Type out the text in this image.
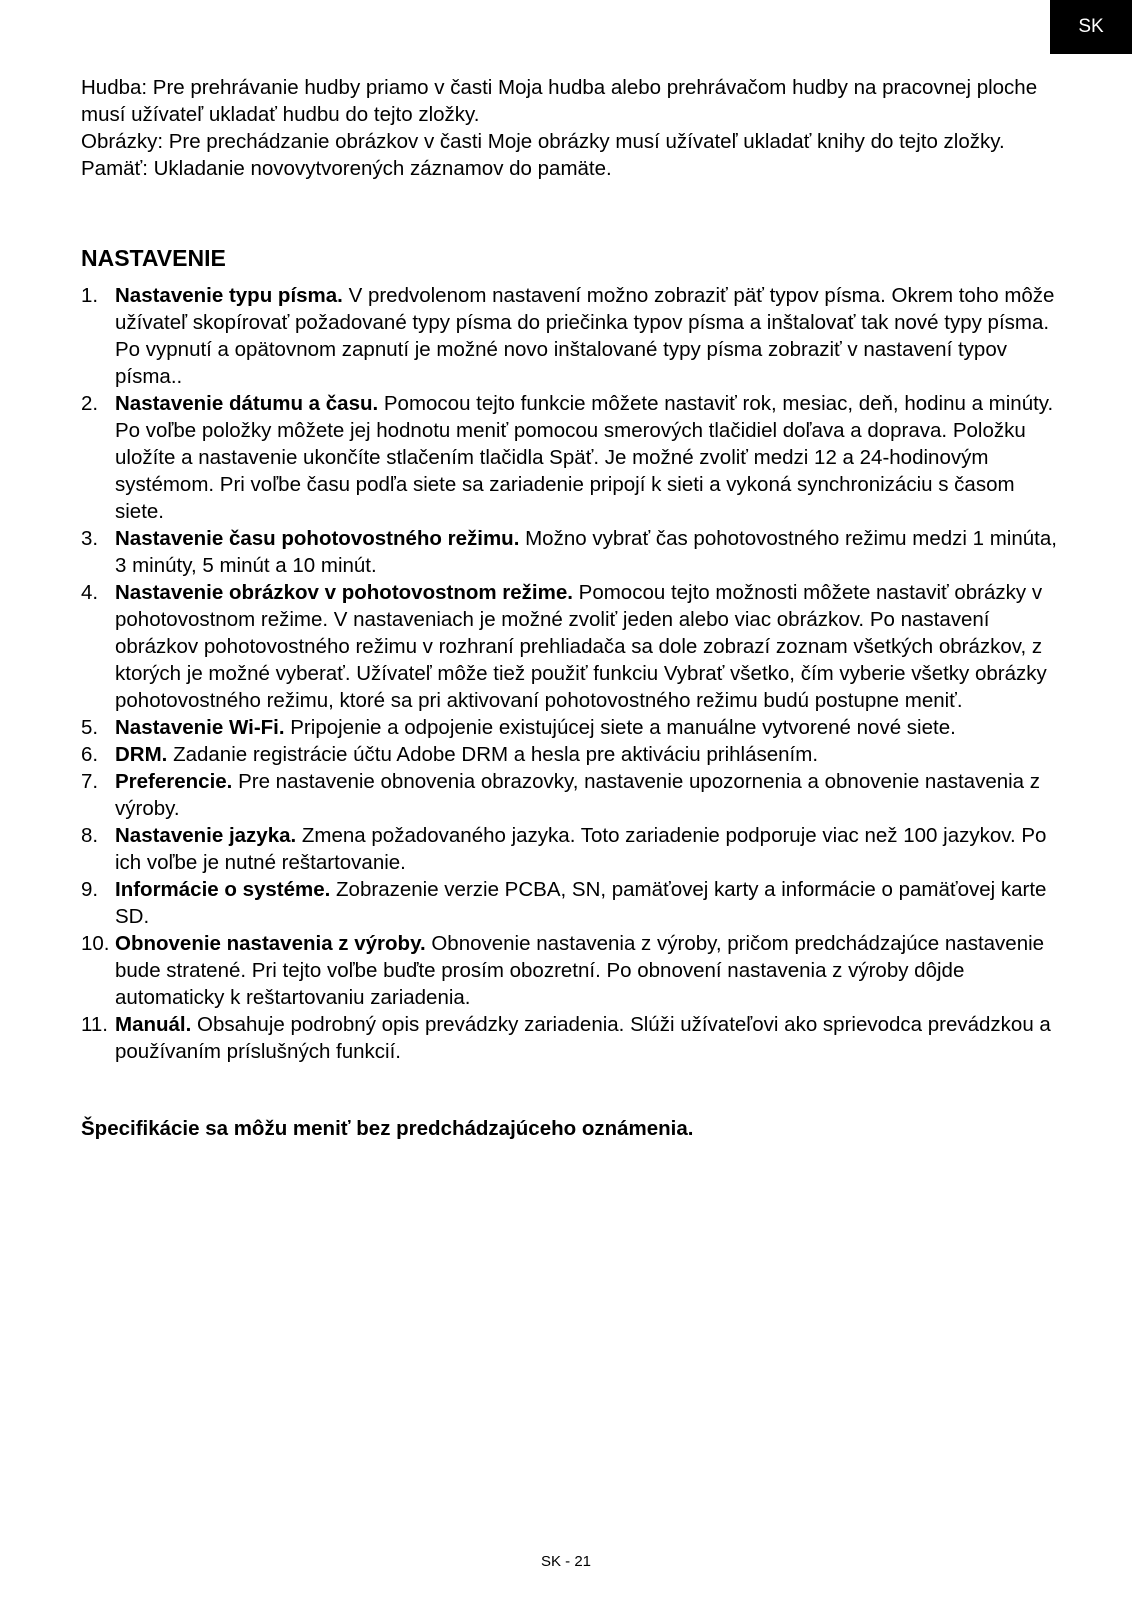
SK

Hudba: Pre prehrávanie hudby priamo v časti Moja hudba alebo prehrávačom hudby na pracovnej ploche musí užívateľ ukladať hudbu do tejto zložky.

Obrázky: Pre prechádzanie obrázkov v časti Moje obrázky musí užívateľ ukladať knihy do tejto zložky.

Pamäť: Ukladanie novovytvorených záznamov do pamäte.

NASTAVENIE
1. Nastavenie typu písma. V predvolenom nastavení možno zobraziť päť typov písma. Okrem toho môže užívateľ skopírovať požadované typy písma do priečinka typov písma a inštalovať tak nové typy písma. Po vypnutí a opätovnom zapnutí je možné novo inštalované typy písma zobraziť v nastavení typov písma..
2. Nastavenie dátumu a času. Pomocou tejto funkcie môžete nastaviť rok, mesiac, deň, hodinu a minúty. Po voľbe položky môžete jej hodnotu meniť pomocou smerových tlačidiel doľava a doprava. Položku uložíte a nastavenie ukončíte stlačením tlačidla Späť. Je možné zvoliť medzi 12 a 24-hodinovým systémom. Pri voľbe času podľa siete sa zariadenie pripojí k sieti a vykoná synchronizáciu s časom siete.
3. Nastavenie času pohotovostného režimu. Možno vybrať čas pohotovostného režimu medzi 1 minúta, 3 minúty, 5 minút a 10 minút.
4. Nastavenie obrázkov v pohotovostnom režime. Pomocou tejto možnosti môžete nastaviť obrázky v pohotovostnom režime. V nastaveniach je možné zvoliť jeden alebo viac obrázkov. Po nastavení obrázkov pohotovostného režimu v rozhraní prehliadača sa dole zobrazí zoznam všetkých obrázkov, z ktorých je možné vyberať. Užívateľ môže tiež použiť funkciu Vybrať všetko, čím vyberie všetky obrázky pohotovostného režimu, ktoré sa pri aktivovaní pohotovostného režimu budú postupne meniť.
5. Nastavenie Wi-Fi. Pripojenie a odpojenie existujúcej siete a manuálne vytvorené nové siete.
6. DRM. Zadanie registrácie účtu Adobe DRM a hesla pre aktiváciu prihlásením.
7. Preferencie. Pre nastavenie obnovenia obrazovky, nastavenie upozornenia a obnovenie nastavenia z výroby.
8. Nastavenie jazyka. Zmena požadovaného jazyka. Toto zariadenie podporuje viac než 100 jazykov. Po ich voľbe je nutné reštartovanie.
9. Informácie o systéme. Zobrazenie verzie PCBA, SN, pamäťovej karty a informácie o pamäťovej karte SD.
10. Obnovenie nastavenia z výroby. Obnovenie nastavenia z výroby, pričom predchádzajúce nastavenie bude stratené. Pri tejto voľbe buďte prosím obozretní. Po obnovení nastavenia z výroby dôjde automaticky k reštartovaniu zariadenia.
11. Manuál. Obsahuje podrobný opis prevádzky zariadenia. Slúži užívateľovi ako sprievodca prevádzkou a používaním príslušných funkcií.

Špecifikácie sa môžu meniť bez predchádzajúceho oznámenia.

SK - 21
